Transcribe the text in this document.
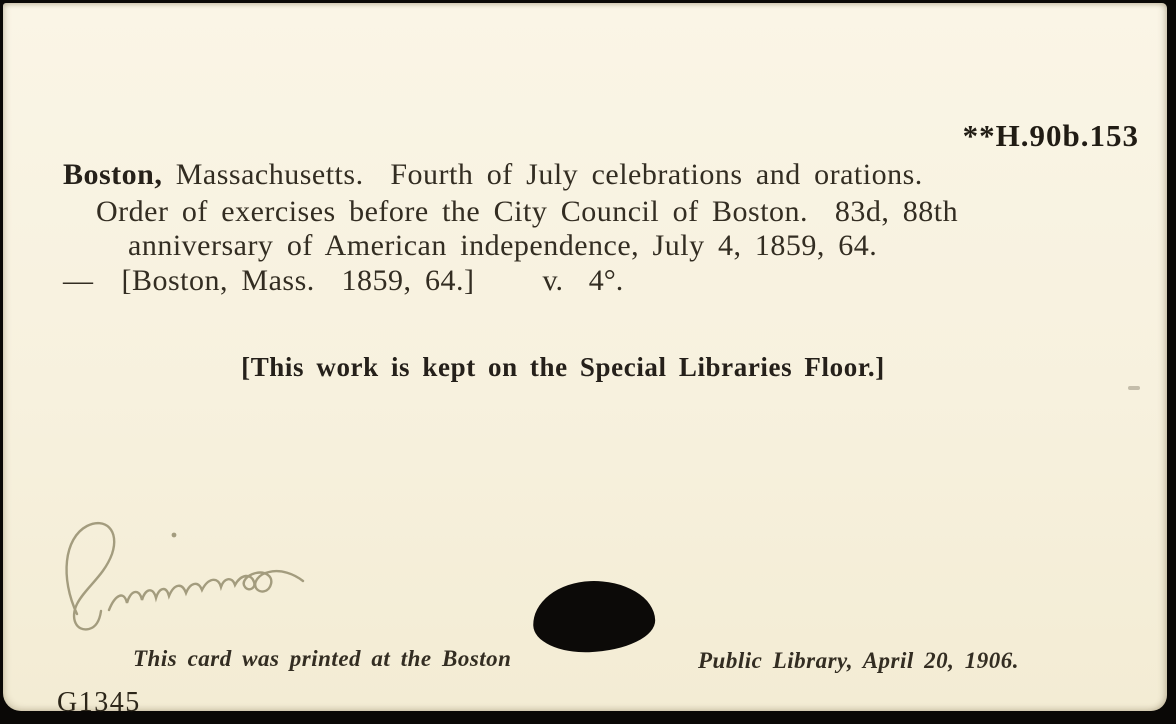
**H.90b.153
Boston, Massachusetts.  Fourth of July celebrations and orations.
Order of exercises before the City Council of Boston.  83d, 88th
anniversary of American independence, July 4, 1859, 64.
— [Boston, Mass.  1859, 64.] v.  4°.
[This work is kept on the Special Libraries Floor.]

This card was printed at the Boston

	Public Library, April 20, 1906.

G1345
